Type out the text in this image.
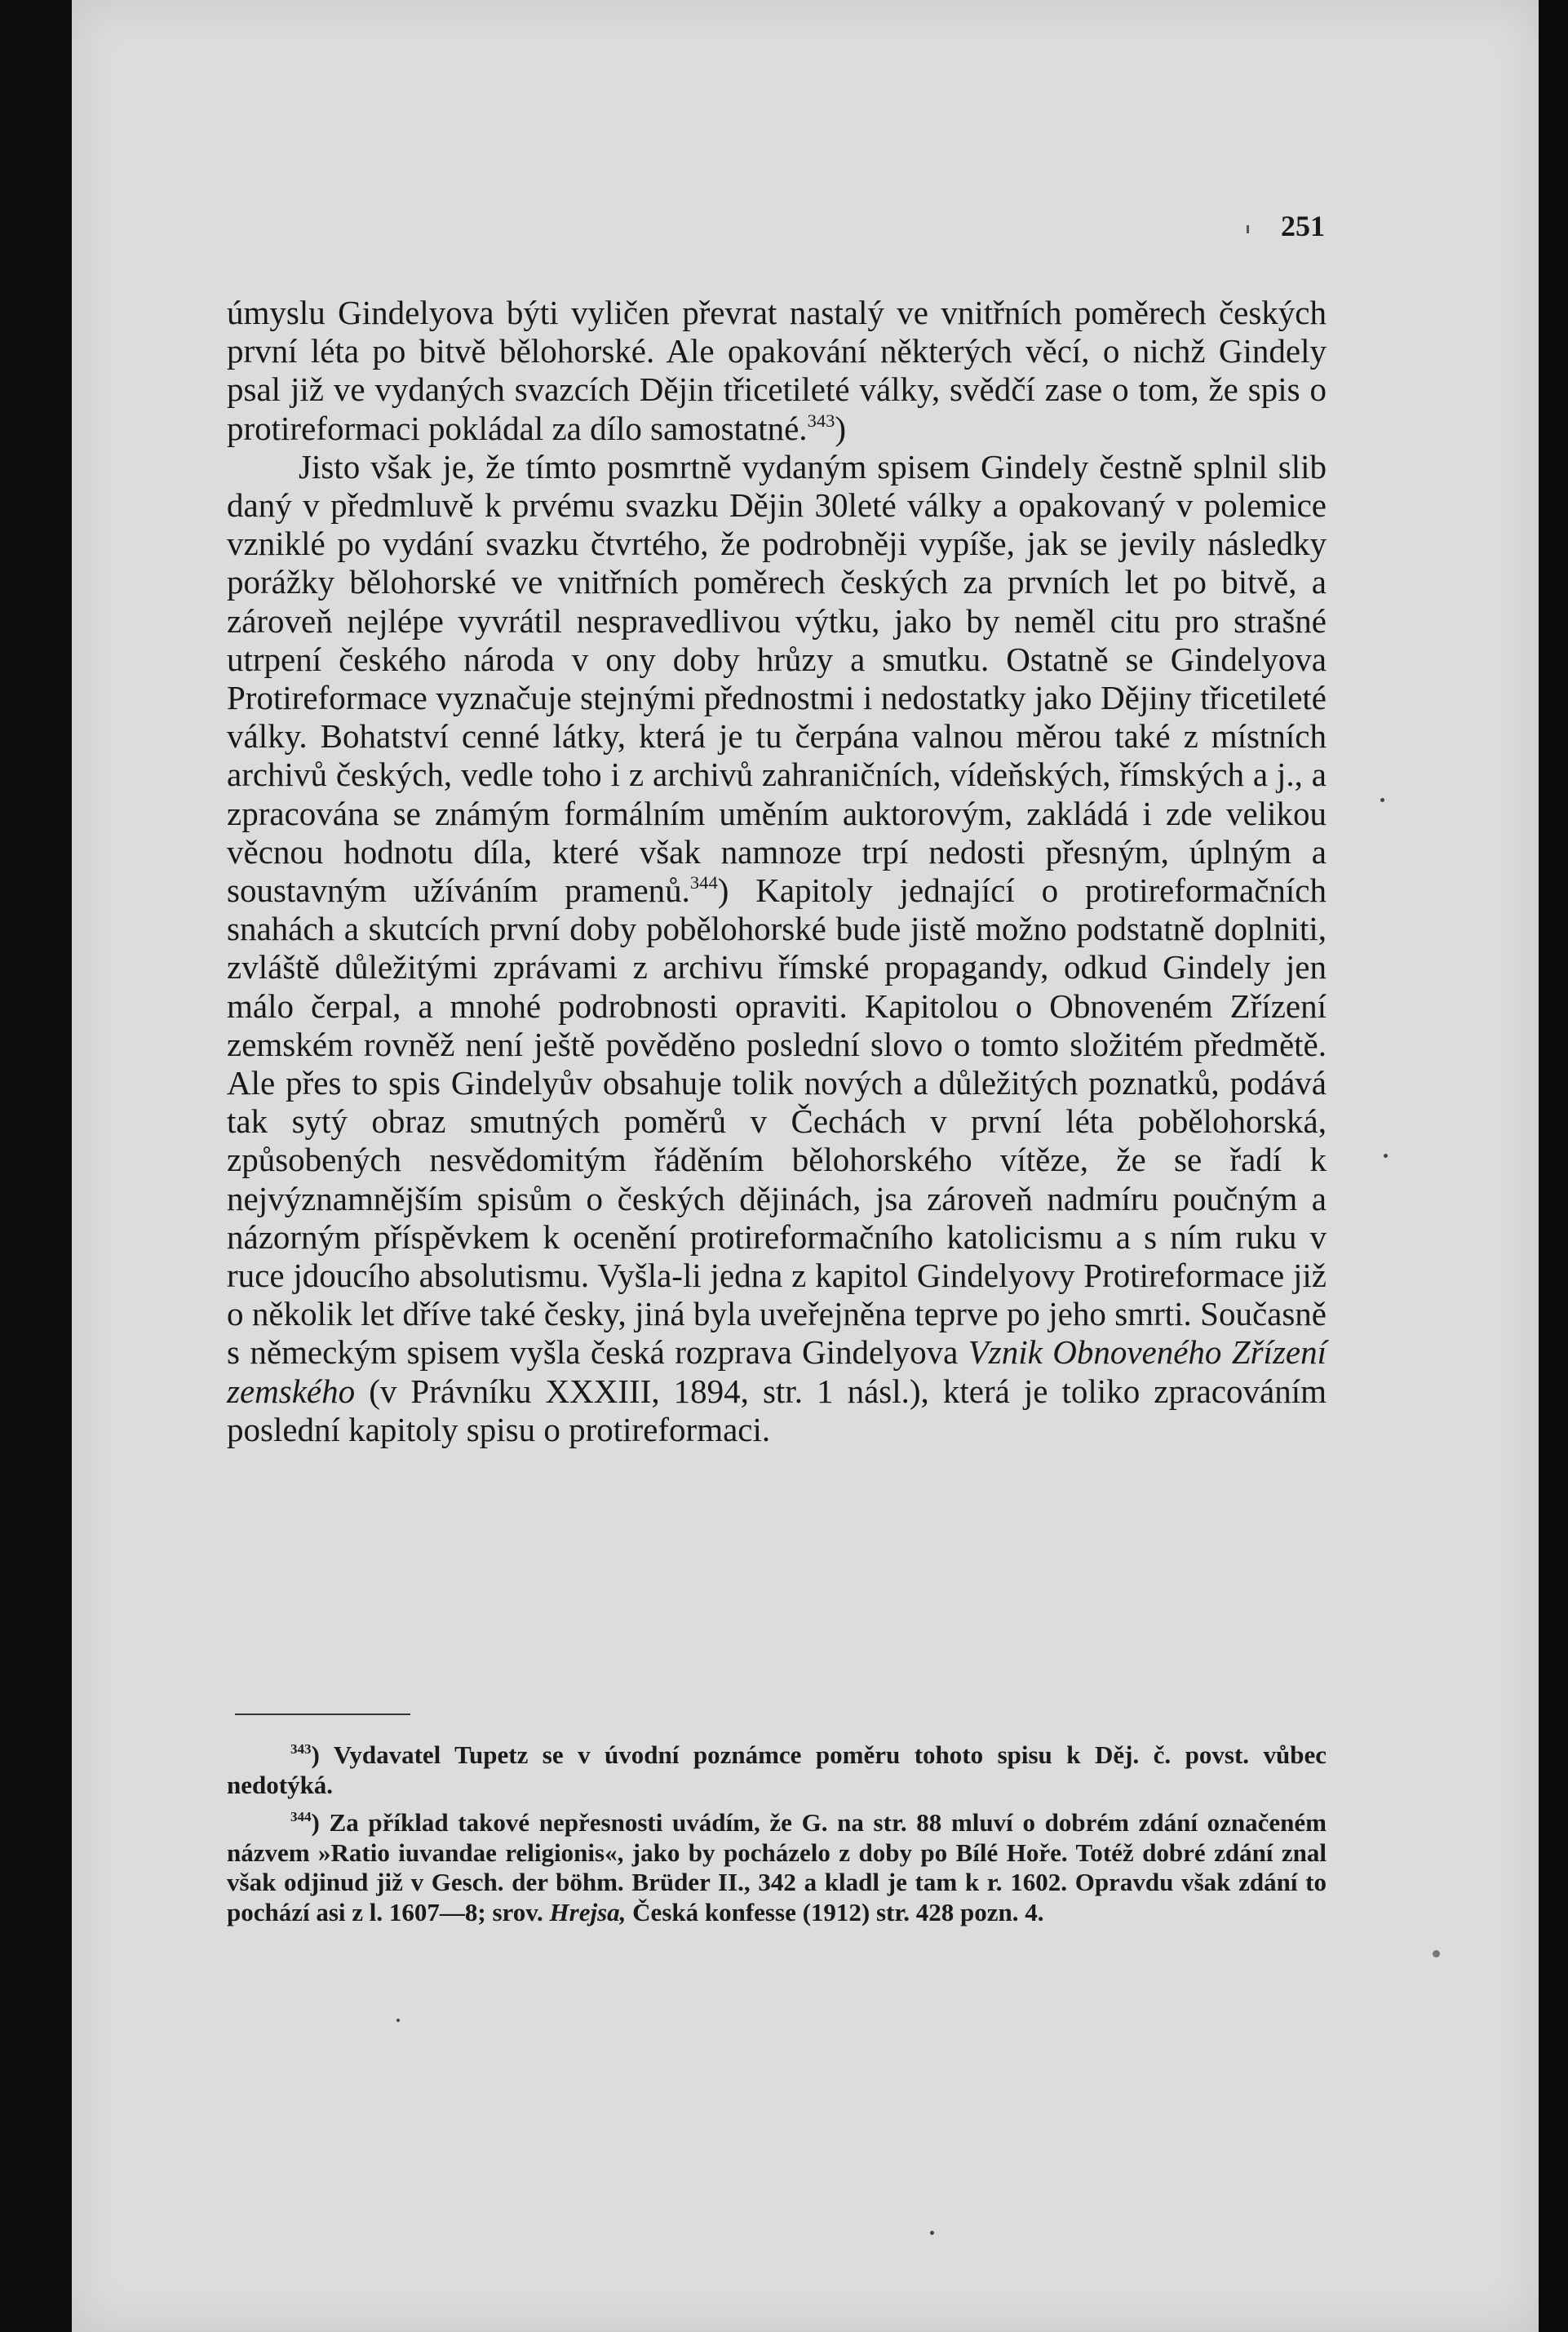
251

úmyslu Gindelyova býti vyličen převrat nastalý ve vnitřních poměrech českých první léta po bitvě bělohorské. Ale opakování některých věcí, o nichž Gindely psal již ve vydaných svazcích Dějin třicetileté války, svědčí zase o tom, že spis o protireformaci pokládal za dílo samostatné.$^{343}$)

Jisto však je, že tímto posmrtně vydaným spisem Gindely čestně splnil slib daný v předmluvě k prvému svazku Dějin 30leté války a opakovaný v polemice vzniklé po vydání svazku čtvrtého, že podrobněji vypíše, jak se jevily následky porážky bělohorské ve vnitřních poměrech českých za prvních let po bitvě, a zároveň nejlépe vyvrátil nespravedlivou výtku, jako by neměl citu pro strašné utrpení českého národa v ony doby hrůzy a smutku. Ostatně se Gindelyova Protireformace vyznačuje stejnými přednostmi i nedostatky jako Dějiny třicetileté války. Bohatství cenné látky, která je tu čerpána valnou měrou také z místních archivů českých, vedle toho i z archivů zahraničních, vídeňských, římských a j., a zpracována se známým formálním uměním auktorovým, zakládá i zde velikou věcnou hodnotu díla, které však namnoze trpí nedosti přesným, úplným a soustavným užíváním pramenů.$^{344}$) Kapitoly jednající o protireformačních snahách a skutcích první doby pobělohorské bude jistě možno podstatně doplniti, zvláště důležitými zprávami z archivu římské propagandy, odkud Gindely jen málo čerpal, a mnohé podrobnosti opraviti. Kapitolou o Obnoveném Zřízení zemském rovněž není ještě pověděno poslední slovo o tomto složitém předmětě. Ale přes to spis Gindelyův obsahuje tolik nových a důležitých poznatků, podává tak sytý obraz smutných poměrů v Čechách v první léta pobělohorská, způsobených nesvědomitým řáděním bělohorského vítěze, že se řadí k nejvýznamnějším spisům o českých dějinách, jsa zároveň nadmíru poučným a názorným příspěvkem k ocenění protireformačního katolicismu a s ním ruku v ruce jdoucího absolutismu. Vyšla-li jedna z kapitol Gindelyovy Protireformace již o několik let dříve také česky, jiná byla uveřejněna teprve po jeho smrti. Současně s německým spisem vyšla česká rozprava Gindelyova Vznik Obnoveného Zřízení zemského (v Právníku XXXIII, 1894, str. 1 násl.), která je toliko zpracováním poslední kapitoly spisu o protireformaci.

$^{343}$) Vydavatel Tupetz se v úvodní poznámce poměru tohoto spisu k Děj. č. povst. vůbec nedotýká.

$^{344}$) Za příklad takové nepřesnosti uvádím, že G. na str. 88 mluví o dobrém zdání označeném názvem »Ratio iuvandae religionis«, jako by pocházelo z doby po Bílé Hoře. Totéž dobré zdání znal však odjinud již v Gesch. der böhm. Brüder II., 342 a kladl je tam k r. 1602. Opravdu však zdání to pochází asi z l. 1607—8; srov. Hrejsa, Česká konfesse (1912) str. 428 pozn. 4.
